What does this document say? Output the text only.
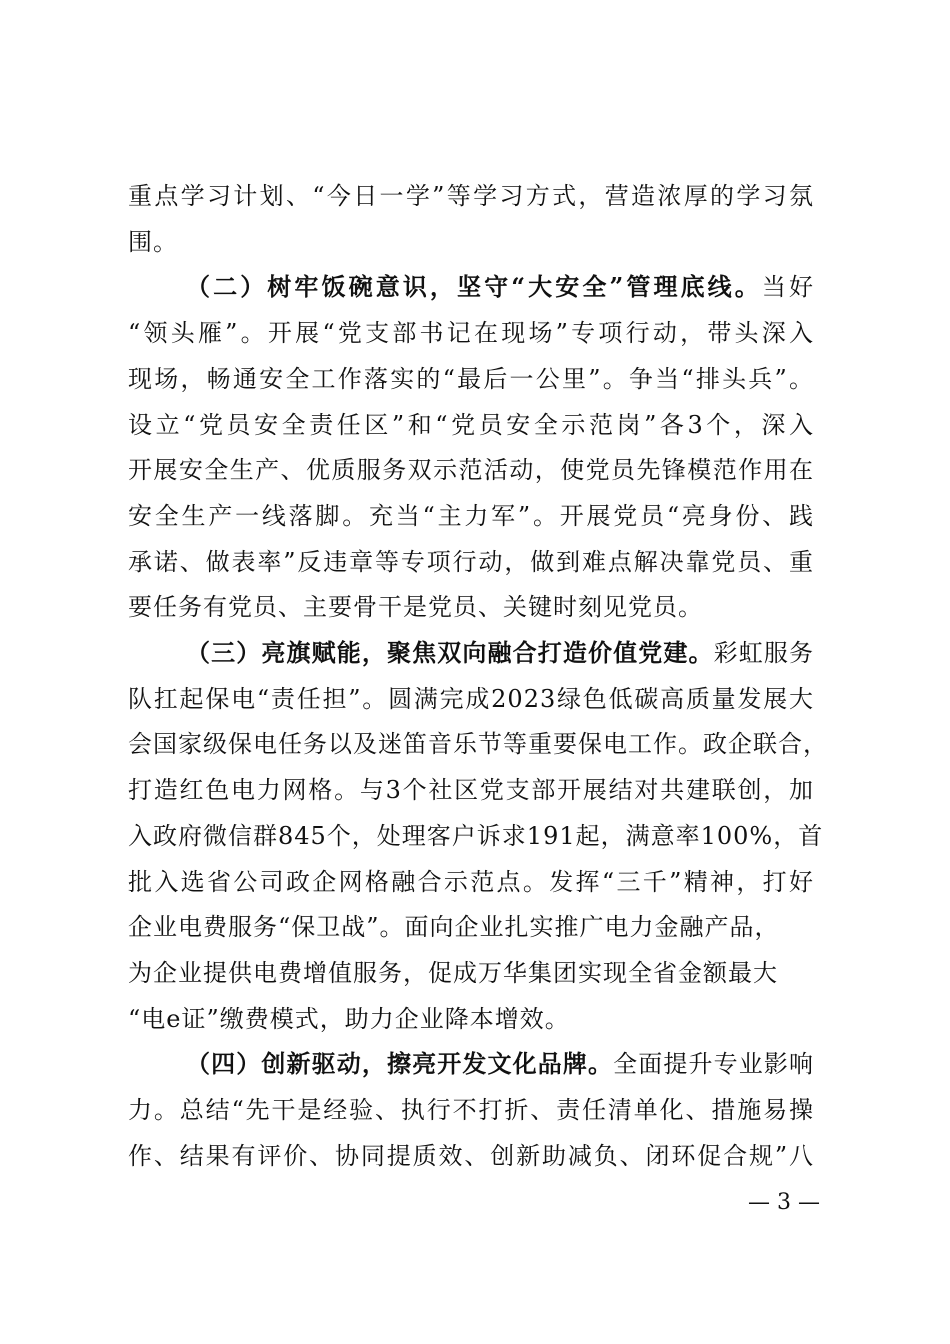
重点学习计划、“今日一学”等学习方式，营造浓厚的学习氛
围。
（二）树牢饭碗意识，坚守“大安全”管理底线。当好
“领头雁”。开展“党支部书记在现场”专项行动，带头深入
现场，畅通安全工作落实的“最后一公里”。争当“排头兵”。
设立“党员安全责任区”和“党员安全示范岗”各3个，深入
开展安全生产、优质服务双示范活动，使党员先锋模范作用在
安全生产一线落脚。充当“主力军”。开展党员“亮身份、践
承诺、做表率”反违章等专项行动，做到难点解决靠党员、重
要任务有党员、主要骨干是党员、关键时刻见党员。
（三）亮旗赋能，聚焦双向融合打造价值党建。彩虹服务
队扛起保电“责任担”。圆满完成2023绿色低碳高质量发展大
会国家级保电任务以及迷笛音乐节等重要保电工作。政企联合，
打造红色电力网格。与3个社区党支部开展结对共建联创，加
入政府微信群845个，处理客户诉求191起，满意率100%，首
批入选省公司政企网格融合示范点。发挥“三千”精神，打好
企业电费服务“保卫战”。面向企业扎实推广电力金融产品，
为企业提供电费增值服务，促成万华集团实现全省金额最大
“电e证”缴费模式，助力企业降本增效。
（四）创新驱动，擦亮开发文化品牌。全面提升专业影响
力。总结“先干是经验、执行不打折、责任清单化、措施易操
作、结果有评价、协同提质效、创新助减负、闭环促合规”八
— 3 —
